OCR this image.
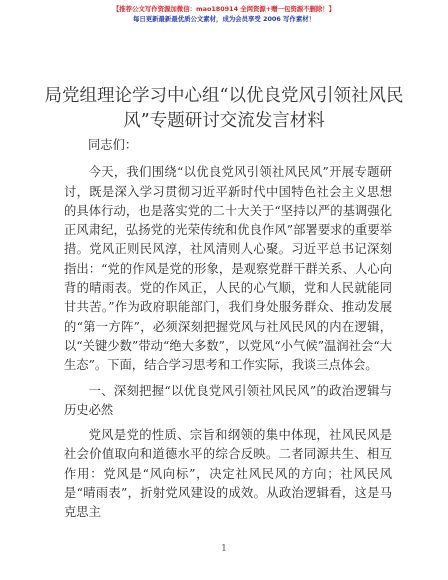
【推荐公文写作资源加微信：mao180914 全网资源+赠一包资源不删除！】
每日更新最新最优质公文素材，成为会员享受 2006 写作素材！
局党组理论学习中心组“以优良党风引领社风民风”专题研讨交流发言材料

同志们：

今天，我们围绕“以优良党风引领社风民风”开展专题研讨，既是深入学习贯彻习近平新时代中国特色社会主义思想的具体行动，也是落实党的二十大关于“坚持以严的基调强化正风肃纪，弘扬党的光荣传统和优良作风”部署要求的重要举措。党风正则民风淳，社风清则人心聚。习近平总书记深刻指出：“党的作风是党的形象，是观察党群干群关系、人心向背的晴雨表。党的作风正，人民的心气顺，党和人民就能同甘共苦。”作为政府职能部门，我们身处服务群众、推动发展的“第一方阵”，必须深刻把握党风与社风民风的内在逻辑，以“关键少数”带动“绝大多数”，以党风“小气候”温润社会“大生态”。下面，结合学习思考和工作实际，我谈三点体会。

一、深刻把握“以优良党风引领社风民风”的政治逻辑与历史必然

党风是党的性质、宗旨和纲领的集中体现，社风民风是社会价值取向和道德水平的综合反映。二者同源共生、相互作用：党风是“风向标”，决定社风民风的方向；社风民风是“晴雨表”，折射党风建设的成效。从政治逻辑看，这是马克思主

1
